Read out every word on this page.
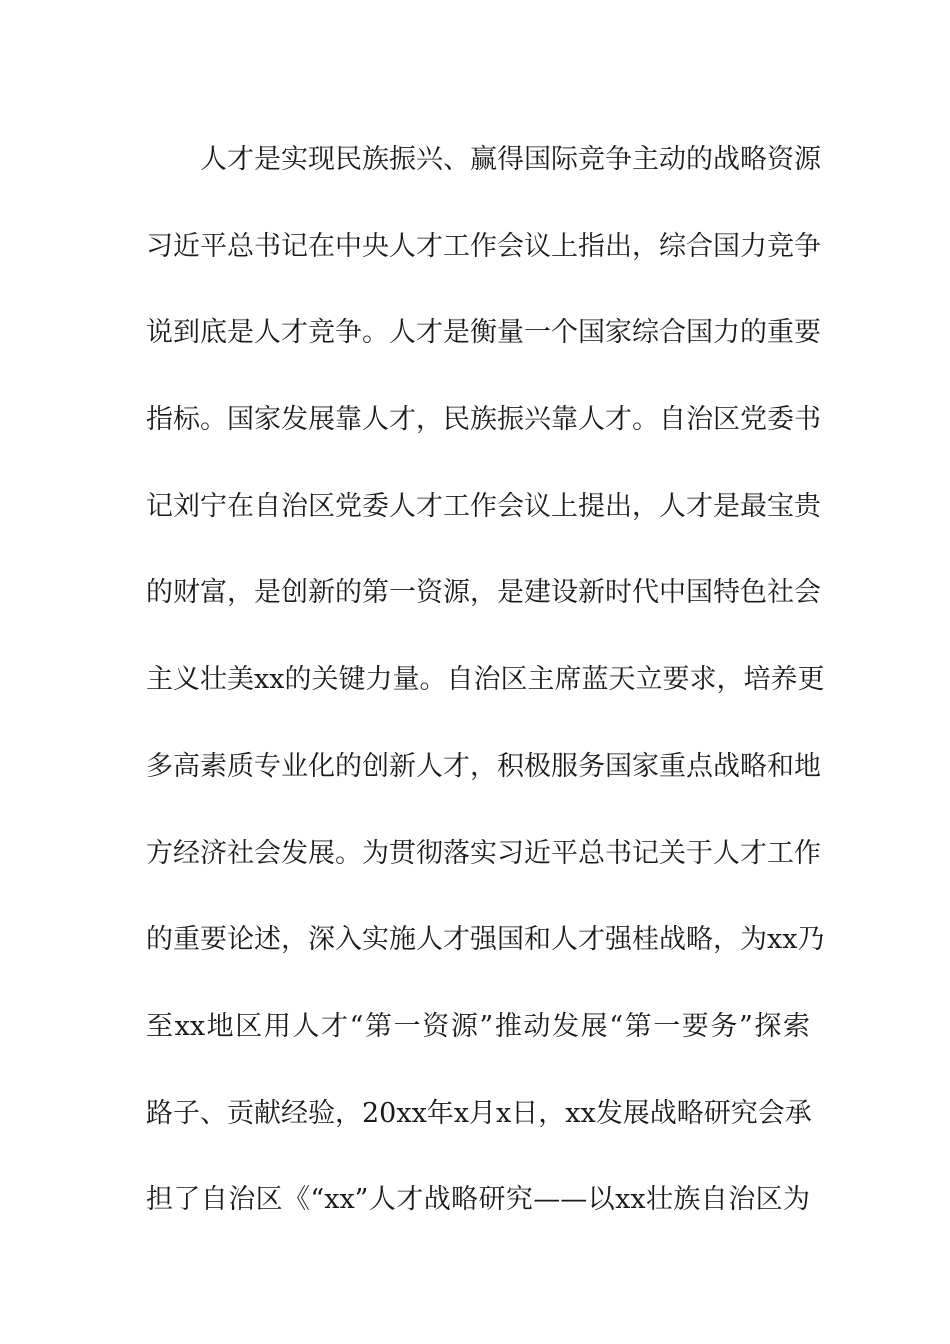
人才是实现民族振兴、赢得国际竞争主动的战略资源
习近平总书记在中央人才工作会议上指出，综合国力竞争
说到底是人才竞争。人才是衡量一个国家综合国力的重要
指标。国家发展靠人才，民族振兴靠人才。自治区党委书
记刘宁在自治区党委人才工作会议上提出，人才是最宝贵
的财富，是创新的第一资源，是建设新时代中国特色社会
主义壮美xx的关键力量。自治区主席蓝天立要求，培养更
多高素质专业化的创新人才，积极服务国家重点战略和地
方经济社会发展。为贯彻落实习近平总书记关于人才工作
的重要论述，深入实施人才强国和人才强桂战略，为xx乃
至xx地区用人才“第一资源”推动发展“第一要务”探索
路子、贡献经验，20xx年x月x日，xx发展战略研究会承
担了自治区《“xx”人才战略研究——以xx壮族自治区为
